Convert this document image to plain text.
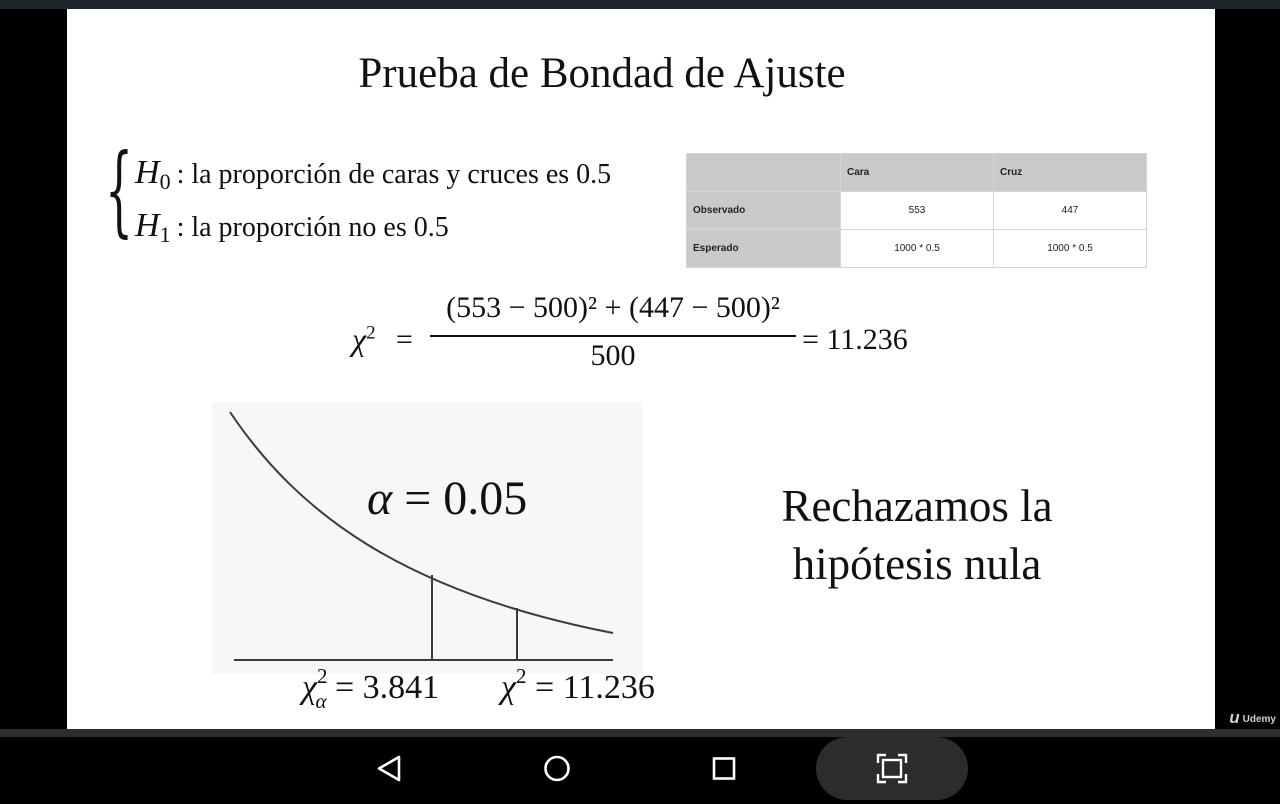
Prueba de Bondad de Ajuste
{ $H_0$ : la proporción de caras y cruces es 0.5
$H_1$ : la proporción no es 0.5
	Cara	Cruz
Observado	553	447
Esperado	1000 * 0.5	1000 * 0.5
$\chi^2$ =
(553 − 500)² + (447 − 500)²
500	= 11.236
α = 0.05
$\chi^2_\alpha = 3.841$ $\chi^2 = 11.236$
Rechazamos la
hipótesis nula
u Udemy
